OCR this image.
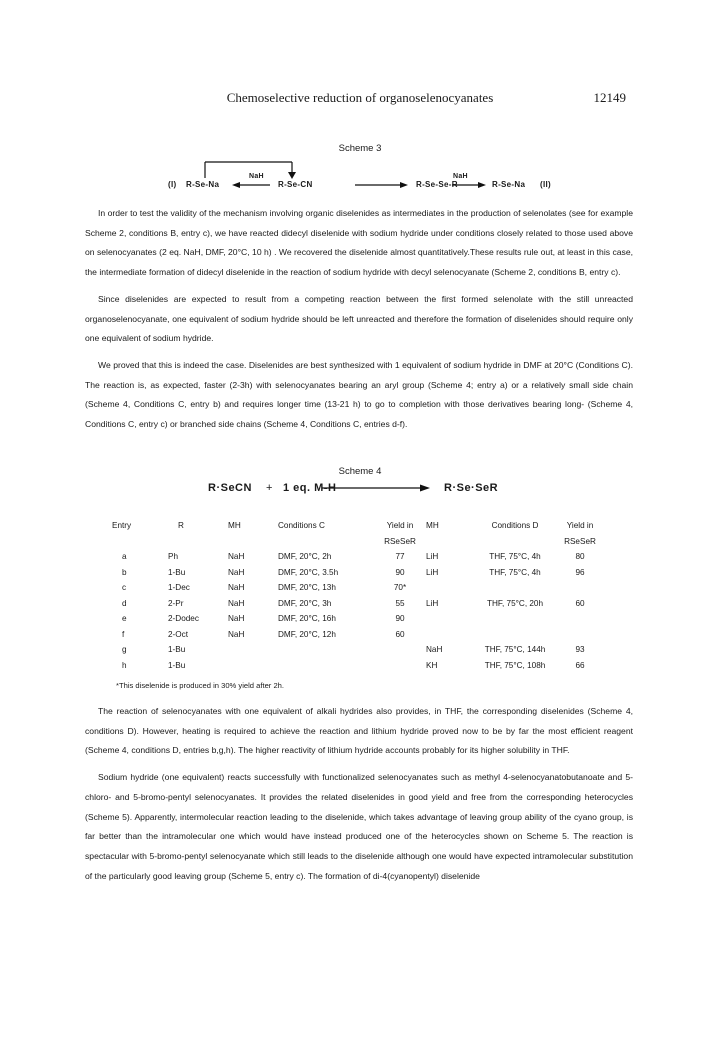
Chemoselective reduction of organoselenocyanates	12149
Scheme 3
(I) R-Se-Na
NaH
R-Se-CN	R-Se-Se-R
NaH
R-Se-Na (II)

In order to test the validity of the mechanism involving organic diselenides as intermediates in the production of selenolates (see for example Scheme 2, conditions B, entry c), we have reacted didecyl diselenide with sodium hydride under conditions closely related to those used above on selenocyanates (2 eq. NaH, DMF, 20°C, 10 h) . We recovered the diselenide almost quantitatively.These results rule out, at least in this case, the intermediate formation of didecyl diselenide in the reaction of sodium hydride with decyl selenocyanate (Scheme 2, conditions B, entry c).

Since diselenides are expected to result from a competing reaction between the first formed selenolate with the still unreacted organoselenocyanate, one equivalent of sodium hydride should be left unreacted and therefore the formation of diselenides should require only one equivalent of sodium hydride.

We proved that this is indeed the case. Diselenides are best synthesized with 1 equivalent of sodium hydride in DMF at 20°C (Conditions C). The reaction is, as expected, faster (2-3h) with selenocyanates bearing an aryl group (Scheme 4; entry a) or a relatively small side chain (Scheme 4, Conditions C, entry b) and requires longer time (13-21 h) to go to completion with those derivatives bearing long- (Scheme 4, Conditions C, entry c) or branched side chains (Scheme 4, Conditions C, entries d-f).

Scheme 4
R·SeCN + 1 eq. M-H	R·Se·SeR
Entry	R	MH	Conditions C	Yield in	MH	Conditions D	Yield in
				RSeSeR			RSeSeR
a	Ph	NaH	DMF, 20°C, 2h	77	LiH	THF, 75°C, 4h	80
b	1-Bu	NaH	DMF, 20°C, 3.5h	90	LiH	THF, 75°C, 4h	96
c	1-Dec	NaH	DMF, 20°C, 13h	70*			
d	2-Pr	NaH	DMF, 20°C, 3h	55	LiH	THF, 75°C, 20h	60
e	2-Dodec	NaH	DMF, 20°C, 16h	90			
f	2-Oct	NaH	DMF, 20°C, 12h	60			
g	1-Bu				NaH	THF, 75°C, 144h	93
h	1-Bu				KH	THF, 75°C, 108h	66
*This diselenide is produced in 30% yield after 2h.

The reaction of selenocyanates with one equivalent of alkali hydrides also provides, in THF, the corresponding diselenides (Scheme 4, conditions D). However, heating is required to achieve the reaction and lithium hydride proved now to be by far the most efficient reagent (Scheme 4, conditions D, entries b,g,h). The higher reactivity of lithium hydride accounts probably for its higher solubility in THF.

Sodium hydride (one equivalent) reacts successfully with functionalized selenocyanates such as methyl 4-selenocyanatobutanoate and 5-chloro- and 5-bromo-pentyl selenocyanates. It provides the related diselenides in good yield and free from the corresponding heterocycles (Scheme 5). Apparently, intermolecular reaction leading to the diselenide, which takes advantage of leaving group ability of the cyano group, is far better than the intramolecular one which would have instead produced one of the heterocycles shown on Scheme 5. The reaction is spectacular with 5-bromo-pentyl selenocyanate which still leads to the diselenide although one would have expected intramolecular substitution of the particularly good leaving group (Scheme 5, entry c). The formation of di-4(cyanopentyl) diselenide
